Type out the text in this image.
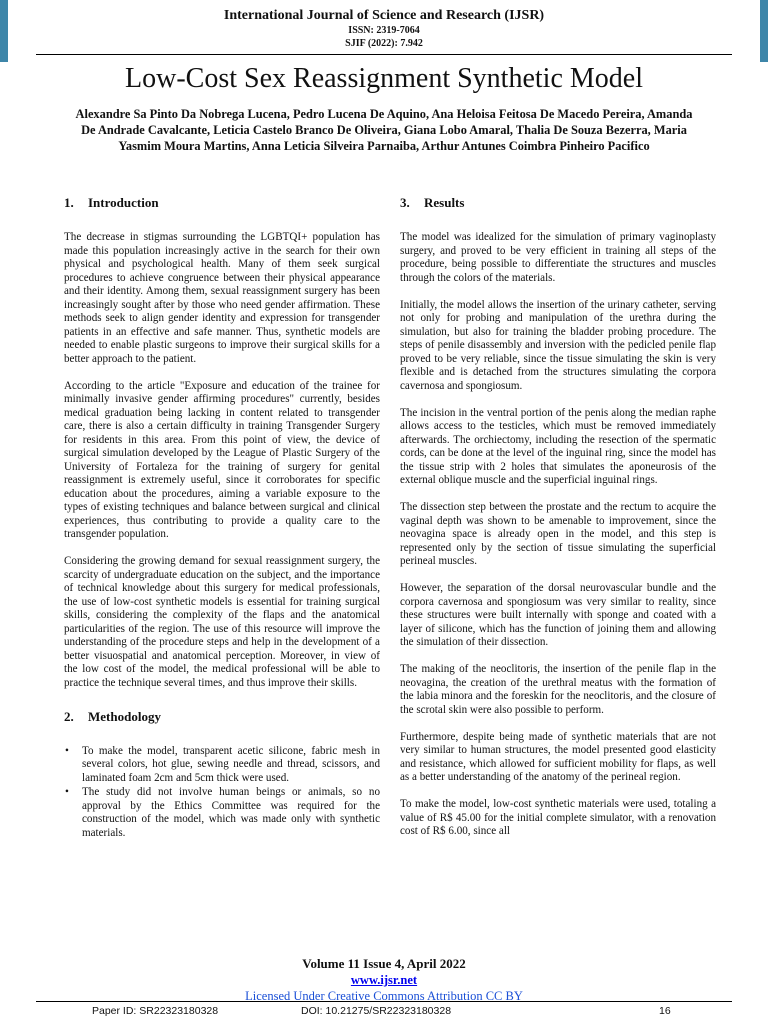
International Journal of Science and Research (IJSR)
ISSN: 2319-7064
SJIF (2022): 7.942
Low-Cost Sex Reassignment Synthetic Model

Alexandre Sa Pinto Da Nobrega Lucena, Pedro Lucena De Aquino, Ana Heloisa Feitosa De Macedo Pereira, Amanda De Andrade Cavalcante, Leticia Castelo Branco De Oliveira, Giana Lobo Amaral, Thalia De Souza Bezerra, Maria Yasmim Moura Martins, Anna Leticia Silveira Parnaiba, Arthur Antunes Coimbra Pinheiro Pacifico

1. Introduction

The decrease in stigmas surrounding the LGBTQI+ population has made this population increasingly active in the search for their own physical and psychological health. Many of them seek surgical procedures to achieve congruence between their physical appearance and their identity. Among them, sexual reassignment surgery has been increasingly sought after by those who need gender affirmation. These methods seek to align gender identity and expression for transgender patients in an effective and safe manner. Thus, synthetic models are needed to enable plastic surgeons to improve their surgical skills for a better approach to the patient.

According to the article "Exposure and education of the trainee for minimally invasive gender affirming procedures" currently, besides medical graduation being lacking in content related to transgender care, there is also a certain difficulty in training Transgender Surgery for residents in this area. From this point of view, the device of surgical simulation developed by the League of Plastic Surgery of the University of Fortaleza for the training of surgery for genital reassignment is extremely useful, since it corroborates for specific education about the procedures, aiming a variable exposure to the types of existing techniques and balance between surgical and clinical experiences, thus contributing to provide a quality care to the transgender population.

Considering the growing demand for sexual reassignment surgery, the scarcity of undergraduate education on the subject, and the importance of technical knowledge about this surgery for medical professionals, the use of low-cost synthetic models is essential for training surgical skills, considering the complexity of the flaps and the anatomical particularities of the region. The use of this resource will improve the understanding of the procedure steps and help in the development of a better visuospatial and anatomical perception. Moreover, in view of the low cost of the model, the medical professional will be able to practice the technique several times, and thus improve their skills.

2. Methodology
• To make the model, transparent acetic silicone, fabric mesh in several colors, hot glue, sewing needle and thread, scissors, and laminated foam 2cm and 5cm thick were used.
• The study did not involve human beings or animals, so no approval by the Ethics Committee was required for the construction of the model, which was made only with synthetic materials.
3. Results

The model was idealized for the simulation of primary vaginoplasty surgery, and proved to be very efficient in training all steps of the procedure, being possible to differentiate the structures and muscles through the colors of the materials.

Initially, the model allows the insertion of the urinary catheter, serving not only for probing and manipulation of the urethra during the simulation, but also for training the bladder probing procedure. The steps of penile disassembly and inversion with the pedicled penile flap proved to be very reliable, since the tissue simulating the skin is very flexible and is detached from the structures simulating the corpora cavernosa and spongiosum.

The incision in the ventral portion of the penis along the median raphe allows access to the testicles, which must be removed immediately afterwards. The orchiectomy, including the resection of the spermatic cords, can be done at the level of the inguinal ring, since the model has the tissue strip with 2 holes that simulates the aponeurosis of the external oblique muscle and the superficial inguinal rings.

The dissection step between the prostate and the rectum to acquire the vaginal depth was shown to be amenable to improvement, since the neovagina space is already open in the model, and this step is represented only by the section of tissue simulating the superficial perineal muscles.

However, the separation of the dorsal neurovascular bundle and the corpora cavernosa and spongiosum was very similar to reality, since these structures were built internally with sponge and coated with a layer of silicone, which has the function of joining them and allowing the simulation of their dissection.

The making of the neoclitoris, the insertion of the penile flap in the neovagina, the creation of the urethral meatus with the formation of the labia minora and the foreskin for the neoclitoris, and the closure of the scrotal skin were also possible to perform.

Furthermore, despite being made of synthetic materials that are not very similar to human structures, the model presented good elasticity and resistance, which allowed for sufficient mobility for flaps, as well as a better understanding of the anatomy of the perineal region.

To make the model, low-cost synthetic materials were used, totaling a value of R$ 45.00 for the initial complete simulator, with a renovation cost of R$ 6.00, since all

Volume 11 Issue 4, April 2022
www.ijsr.net
Licensed Under Creative Commons Attribution CC BY
Paper ID: SR22323180328	DOI: 10.21275/SR22323180328	16
